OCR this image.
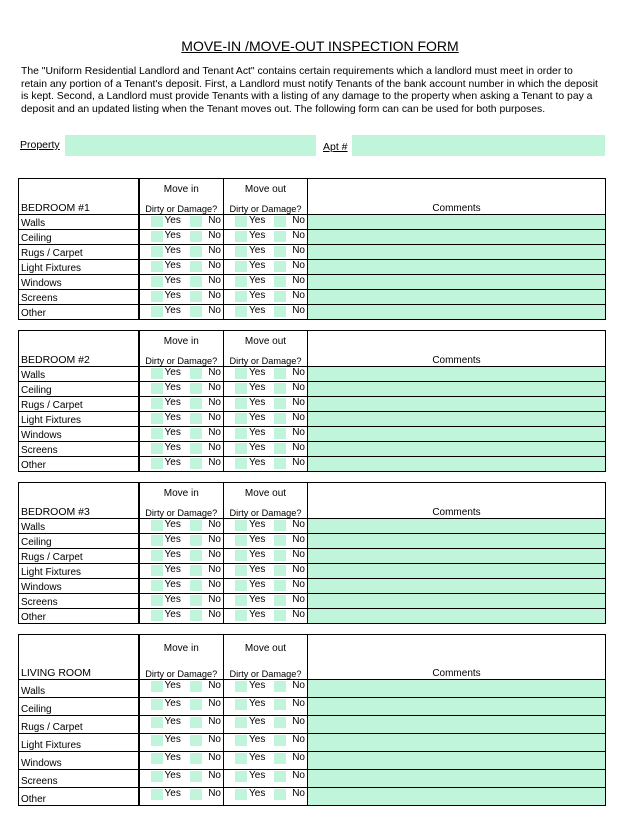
MOVE-IN /MOVE-OUT INSPECTION FORM
The "Uniform Residential Landlord and Tenant Act" contains certain requirements which a landlord must meet in order to retain any portion of a Tenant's deposit. First, a Landlord must notify Tenants of the bank account number in which the deposit is kept. Second, a Landlord must provide Tenants with a listing of any damage to the property when asking a Tenant to pay a deposit and an updated listing when the Tenant moves out. The following form can can be used for both purposes.
Property	Apt #
	Move in	Move out	
BEDROOM #1	Dirty or Damage?	Dirty or Damage?	Comments
Walls	Yes No	Yes No	

Ceiling	Yes No	Yes No	

Rugs / Carpet	Yes No	Yes No	

Light Fixtures	Yes No	Yes No	

Windows	Yes No	Yes No	

Screens	Yes No	Yes No	

Other	Yes No	Yes No	

	Move in	Move out	
BEDROOM #2	Dirty or Damage?	Dirty or Damage?	Comments
Walls	Yes No	Yes No	

Ceiling	Yes No	Yes No	

Rugs / Carpet	Yes No	Yes No	

Light Fixtures	Yes No	Yes No	

Windows	Yes No	Yes No	

Screens	Yes No	Yes No	

Other	Yes No	Yes No	

	Move in	Move out	
BEDROOM #3	Dirty or Damage?	Dirty or Damage?	Comments
Walls	Yes No	Yes No	

Ceiling	Yes No	Yes No	

Rugs / Carpet	Yes No	Yes No	

Light Fixtures	Yes No	Yes No	

Windows	Yes No	Yes No	

Screens	Yes No	Yes No	

Other	Yes No	Yes No	

	Move in	Move out	
LIVING ROOM	Dirty or Damage?	Dirty or Damage?	Comments
Walls	Yes No	Yes No	

Ceiling	Yes No	Yes No	

Rugs / Carpet	Yes No	Yes No	

Light Fixtures	Yes No	Yes No	

Windows	Yes No	Yes No	

Screens	Yes No	Yes No	

Other	Yes No	Yes No	
